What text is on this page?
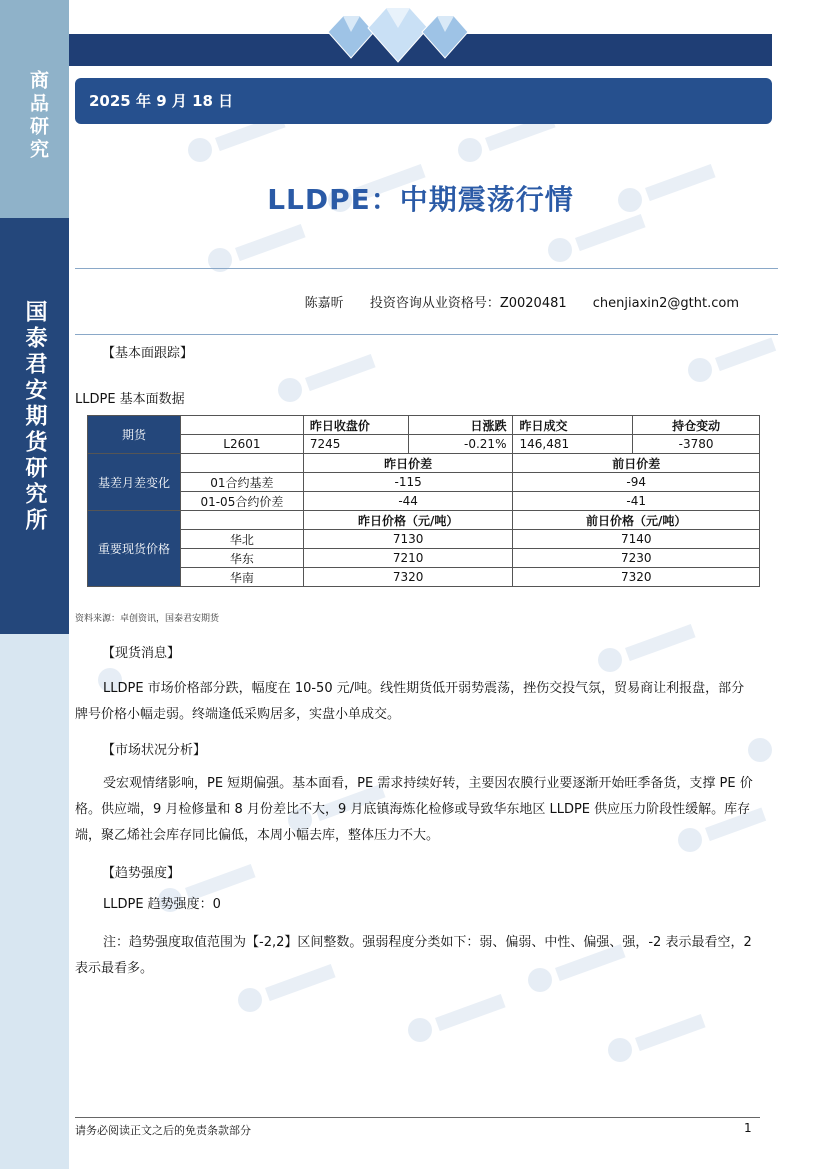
商品研究
国泰君安期货研究所
2025 年 9 月 18 日
LLDPE：中期震荡行情
陈嘉昕 投资咨询从业资格号：Z0020481 chenjiaxin2@gtht.com
【基本面跟踪】
LLDPE 基本面数据
期货		昨日收盘价	日涨跌	昨日成交	持仓变动
	L2601	7245	-0.21%	146,481	-3780
基差月差变化		昨日价差		前日价差	
	01合约基差	-115		-94	
	01-05合约价差	-44		-41	
重要现货价格		昨日价格（元/吨）		前日价格（元/吨）	
	华北	7130		7140	
	华东	7210		7230	
	华南	7320		7320	
资料来源：卓创资讯，国泰君安期货
【现货消息】
LLDPE 市场价格部分跌，幅度在 10-50 元/吨。线性期货低开弱势震荡，挫伤交投气氛，贸易商让利报盘，部分牌号价格小幅走弱。终端逢低采购居多，实盘小单成交。
【市场状况分析】
受宏观情绪影响，PE 短期偏强。基本面看，PE 需求持续好转，主要因农膜行业要逐渐开始旺季备货，支撑 PE 价格。供应端，9 月检修量和 8 月份差比不大，9 月底镇海炼化检修或导致华东地区 LLDPE 供应压力阶段性缓解。库存端，聚乙烯社会库存同比偏低，本周小幅去库，整体压力不大。
【趋势强度】
LLDPE 趋势强度：0
注：趋势强度取值范围为【-2,2】区间整数。强弱程度分类如下：弱、偏弱、中性、偏强、强，-2 表示最看空，2 表示最看多。
请务必阅读正文之后的免责条款部分	1
